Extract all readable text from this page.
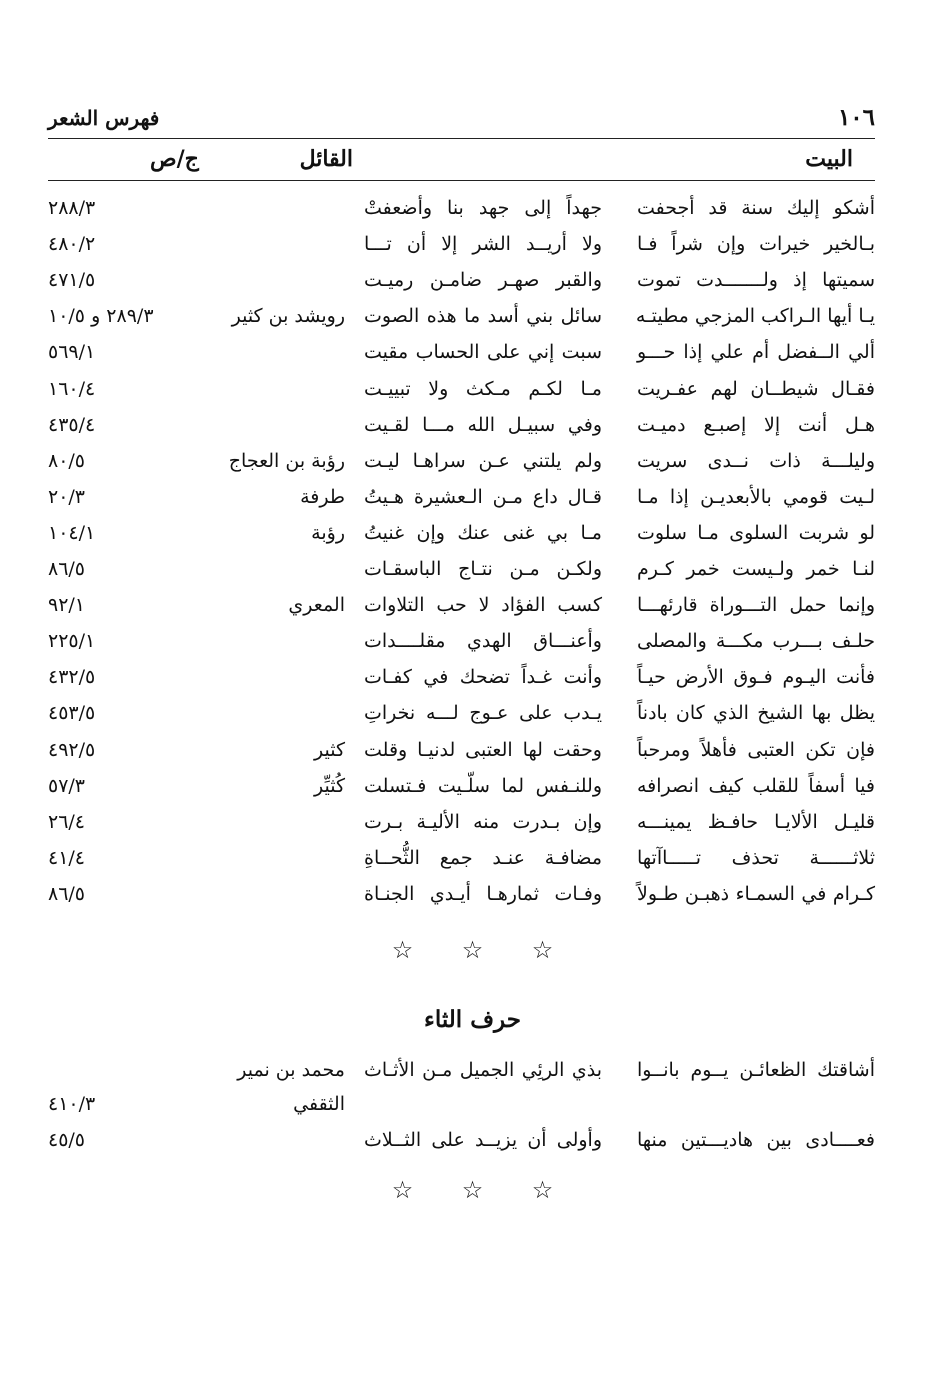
١٠٦
فهرس الشعر
البيت
القائل
ج/ص
أشكو إليك سنة قد أجحفت
جهداً إلى جهد بنا وأضعفتْ
٢٨٨/٣
بـالخير خيرات وإن شراً فـا
ولا أريــد الشر إلا أن تـــا
٤٨٠/٢
سميتها إذ ولـــــــدت تموت
والقبر صهـر ضامـن رميـت
٤٧١/٥
يـا أيها الـراكب المزجي مطيتـه
سائل بني أسد ما هذه الصوت
رويشد بن كثير
٢٨٩/٣ و ١٠/٥
ألي الــفضل أم علي إذا حـــو
سبت إني على الحساب مقيت
٥٦٩/١
فقـال شيطــان لهم عفـريت
مـا لكـم مـكث ولا تبييـت
١٦٠/٤
هـل أنت إلا إصبـع دميـت
وفي سبيـل الله مـــا لقـيت
٤٣٥/٤
وليلـــة ذات نــدى سريت
ولم يلتني عـن سراهـا ليـت
رؤبة بن العجاج
٨٠/٥
لـيت قومي بالأبعديـن إذا مـا
قـال داع مـن الـعشيرة هـيتُ
طرفة
٢٠/٣
لو شربت السلوى مـا سلوت
مـا بي غنى عنك وإن غنيتُ
رؤبة
١٠٤/١
لنـا خمر ولـيست خمر كـرم
ولكـن مـن نتـاج الباسقـات
٨٦/٥
وإنما حمل التـــوراة قارئهـــا
كسب الفؤاد لا حب التلاوات
المعري
٩٢/١
حلـف بـــرب مكـــة والمصلى
وأعنـــاق الهدي مقلــــدات
٢٢٥/١
فأنت اليـوم فـوق الأرض حيـاً
وأنت غـداً تضحك في كفـات
٤٣٢/٥
يظل بها الشيخ الذي كان بادناً
يـدب على عـوج لـــه نخراتِ
٤٥٣/٥
فإن تكن العتبى فأهلاً ومرحباً
وحقت لها العتبى لدنيـا وقلت
كثير
٤٩٢/٥
فيا أسفاً للقلب كيف انصرافه
وللنـفس لما سلّـيت فـتسلت
كُثيِّر
٥٧/٣
قليـل الألايـا حافـظ يمينـــه
وإن بـدرت منه الأليـة بـرت
٢٦/٤
ثلاثــــــة تحذف تـــــاآتها
مضافـة عنـد جمع الثُّحــاةِ
٤١/٤
كـرام في السمـاء ذهبـن طـولاً
وفـات ثمارهـا أيـدي الجنـاة
٨٦/٥
☆ ☆ ☆
حرف الثاء
أشاقتك الظعائـن يــوم بانــوا
بذي الرئِي الجميل مـن الأثـاث
محمد بن نمير
الثقفي
٤١٠/٣
فعــــادى بين هاديـــتين منها
وأولى أن يزيــد على الثــلاث
٤٥/٥
☆ ☆ ☆
